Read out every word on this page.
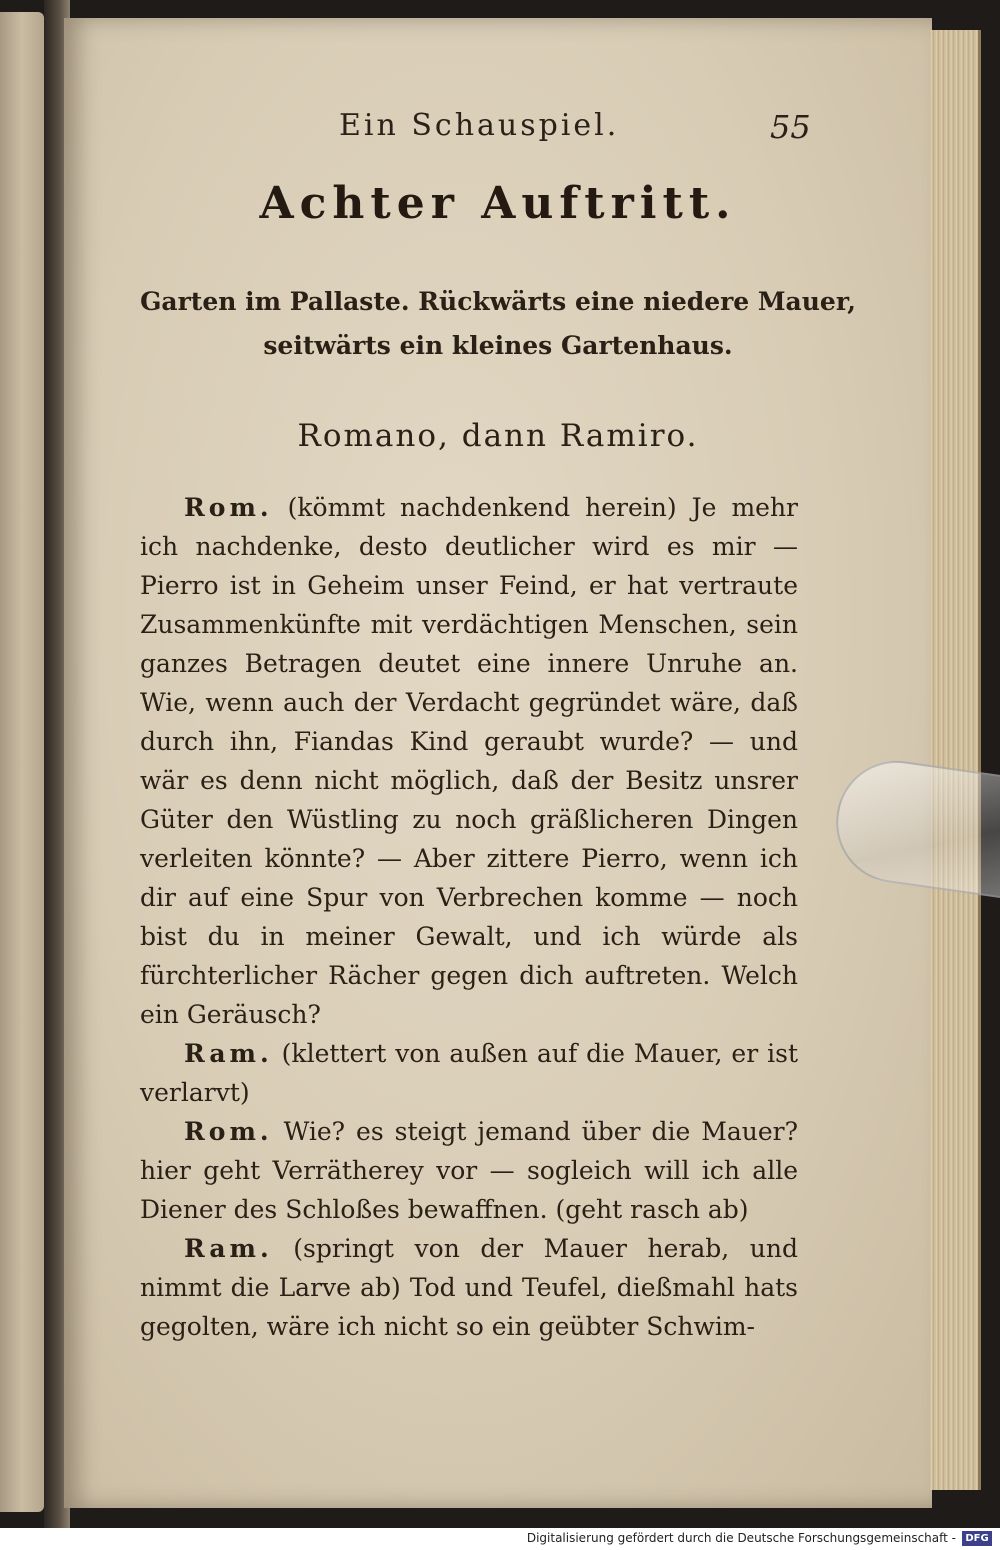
Ein Schauspiel.	55
Achter Auftritt.
Garten im Pallaste. Rückwärts eine niedere Mauer,
seitwärts ein kleines Gartenhaus.
Romano, dann Ramiro.

Rom. (kömmt nachdenkend herein) Je mehr ich nachdenke, desto deutlicher wird es mir — Pierro ist in Geheim unser Feind, er hat vertraute Zusammenkünfte mit verdächtigen Menschen, sein ganzes Betragen deutet eine innere Unruhe an. Wie, wenn auch der Verdacht gegründet wäre, daß durch ihn, Fiandas Kind geraubt wurde? — und wär es denn nicht möglich, daß der Besitz unsrer Güter den Wüstling zu noch gräßlicheren Dingen verleiten könnte? — Aber zittere Pierro, wenn ich dir auf eine Spur von Verbrechen komme — noch bist du in meiner Gewalt, und ich würde als fürchterlicher Rächer gegen dich auftreten. Welch ein Geräusch?

Ram. (klettert von außen auf die Mauer, er ist verlarvt)

Rom. Wie? es steigt jemand über die Mauer? hier geht Verrätherey vor — sogleich will ich alle Diener des Schloßes bewaffnen. (geht rasch ab)

Ram. (springt von der Mauer herab, und nimmt die Larve ab) Tod und Teufel, dießmahl hats gegolten, wäre ich nicht so ein geübter Schwim-

Digitalisierung gefördert durch die Deutsche Forschungsgemeinschaft - DFG
